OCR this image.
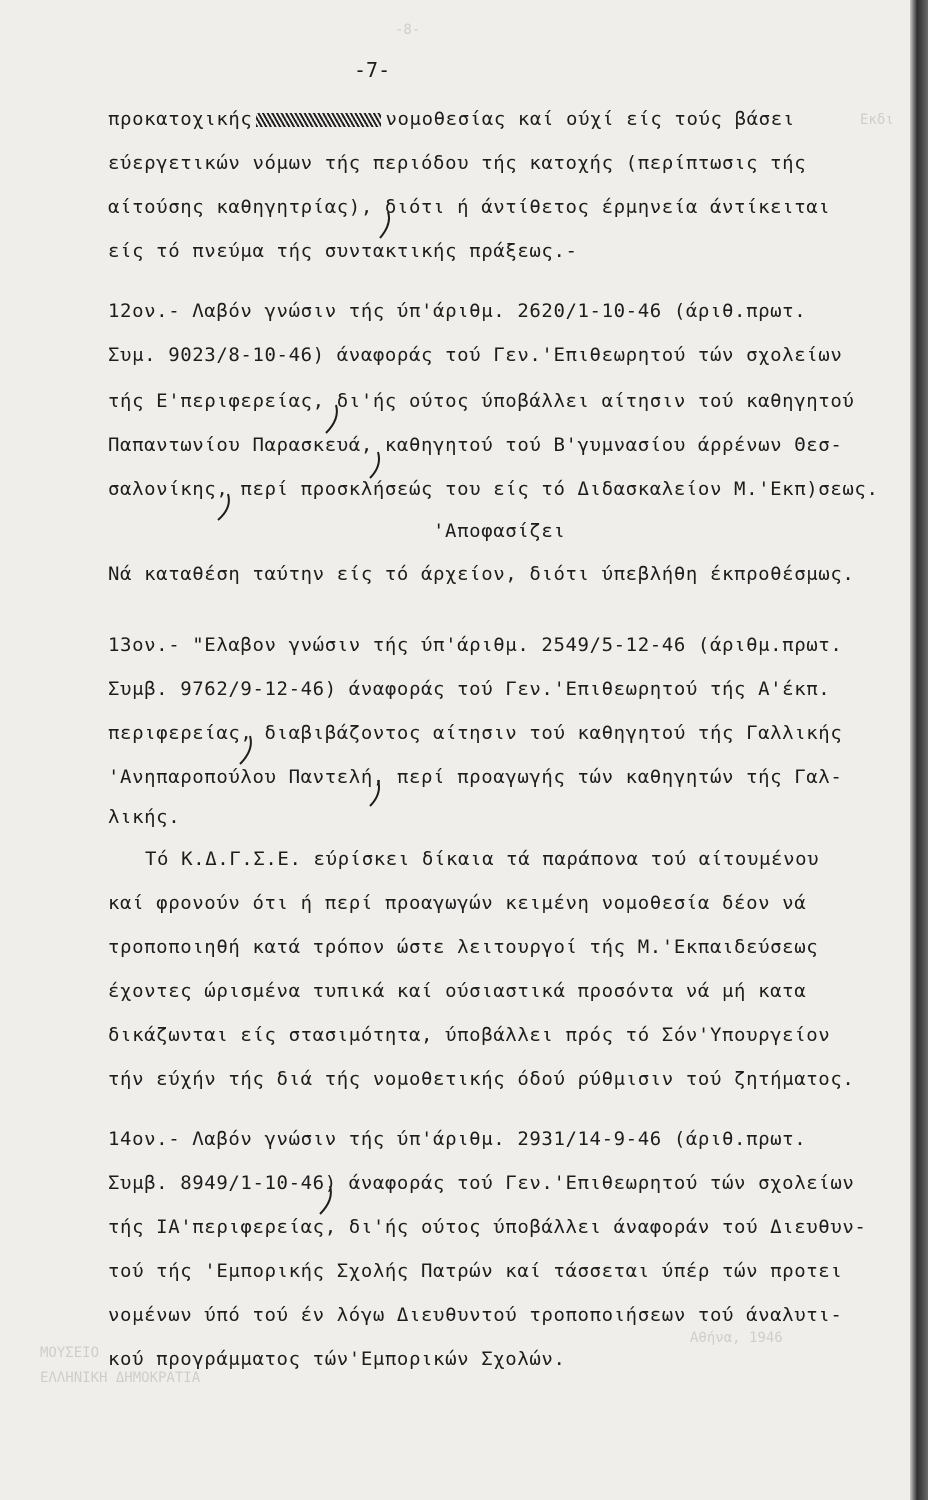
-8-
Εκδι
Αθήνα, 1946
ΕΛΛΗΝΙΚΗ ΔΗΜΟΚΡΑΤΙΑ
ΜΟΥΣΕΙΟ
-7-
προκατοχικής	νομοθεσίας καί ούχί είς τούς βάσει
εύεργετικών νόμων τής περιόδου τής κατοχής (περίπτωσις τής
αίτούσης καθηγητρίας), διότι ή άντίθετος έρμηνεία άντίκειται
είς τό πνεύμα τής συντακτικής πράξεως.-
12ον.- Λαβόν γνώσιν τής ύπ'άριθμ. 2620/1-10-46 (άριθ.πρωτ.
Συμ. 9023/8-10-46) άναφοράς τού Γεν.'Επιθεωρητού τών σχολείων
τής Ε'περιφερείας, δι'ής ούτος ύποβάλλει αίτησιν τού καθηγητού
Παπαντωνίου Παρασκευά, καθηγητού τού Β'γυμνασίου άρρένων Θεσ-
σαλονίκης, περί προσκλήσεώς του είς τό Διδασκαλείον Μ.'Εκπ)σεως.
'Αποφασίζει
Νά καταθέση ταύτην είς τό άρχείον, διότι ύπεβλήθη έκπροθέσμως.
13ον.- "Ελαβον γνώσιν τής ύπ'άριθμ. 2549/5-12-46 (άριθμ.πρωτ.
Συμβ. 9762/9-12-46) άναφοράς τού Γεν.'Επιθεωρητού τής Α'έκπ.
περιφερείας, διαβιβάζοντος αίτησιν τού καθηγητού τής Γαλλικής
'Ανηπαροπούλου Παντελή, περί προαγωγής τών καθηγητών τής Γαλ-
λικής.
Τό Κ.Δ.Γ.Σ.Ε. εύρίσκει δίκαια τά παράπονα τού αίτουμένου
καί φρονούν ότι ή περί προαγωγών κειμένη νομοθεσία δέον νά
τροποποιηθή κατά τρόπον ώστε λειτουργοί τής Μ.'Εκπαιδεύσεως
έχοντες ώρισμένα τυπικά καί ούσιαστικά προσόντα νά μή κατα
δικάζωνται είς στασιμότητα, ύποβάλλει πρός τό Σόν'Υπουργείον
τήν εύχήν τής διά τής νομοθετικής όδού ρύθμισιν τού ζητήματος.
14ον.- Λαβόν γνώσιν τής ύπ'άριθμ. 2931/14-9-46 (άριθ.πρωτ.
Συμβ. 8949/1-10-46) άναφοράς τού Γεν.'Επιθεωρητού τών σχολείων
τής ΙΑ'περιφερείας, δι'ής ούτος ύποβάλλει άναφοράν τού Διευθυν-
τού τής 'Εμπορικής Σχολής Πατρών καί τάσσεται ύπέρ τών προτει
νομένων ύπό τού έν λόγω Διευθυντού τροποποιήσεων τού άναλυτι-
κού προγράμματος τών'Εμπορικών Σχολών.
